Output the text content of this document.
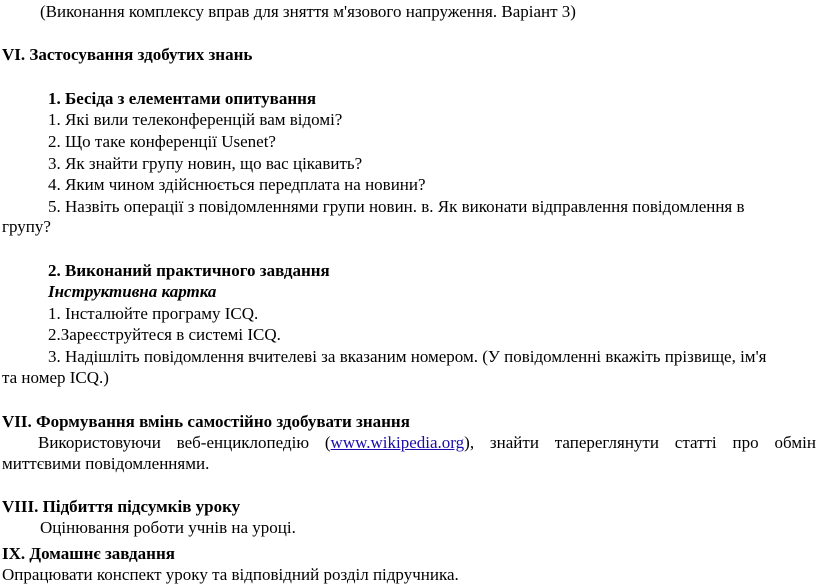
(Виконання комплексу вправ для зняття м'язового напруження. Варіант 3)
VI. Застосування здобутих знань
1. Бесіда з елементами опитування
1. Які вили телеконференцій вам відомі?
2. Що таке конференції Usenet?
3. Як знайти групу новин, що вас цікавить?
4. Яким чином здійснюється передплата на новини?
5. Назвіть операції з повідомленнями групи новин. в. Як виконати відправлення повідомлення в
групу?
2. Виконаний практичного завдання
Інструктивна картка
1. Інсталюйте програму ICQ.
2.Зареєструйтеся в системі ICQ.
3. Надішліть повідомлення вчителеві за вказаним номером. (У повідомленні вкажіть прізвище, ім'я
та номер ICQ.)
VII. Формування вмінь самостійно здобувати знання
Використовуючи веб-енциклопедію (www.wikipedia.org), знайти тапереглянути статті про обмін
миттєвими повідомленнями.
VIII. Підбиття підсумків уроку
Оцінювання роботи учнів на уроці.
IX. Домашнє завдання
Опрацювати конспект уроку та відповідний розділ підручника.
